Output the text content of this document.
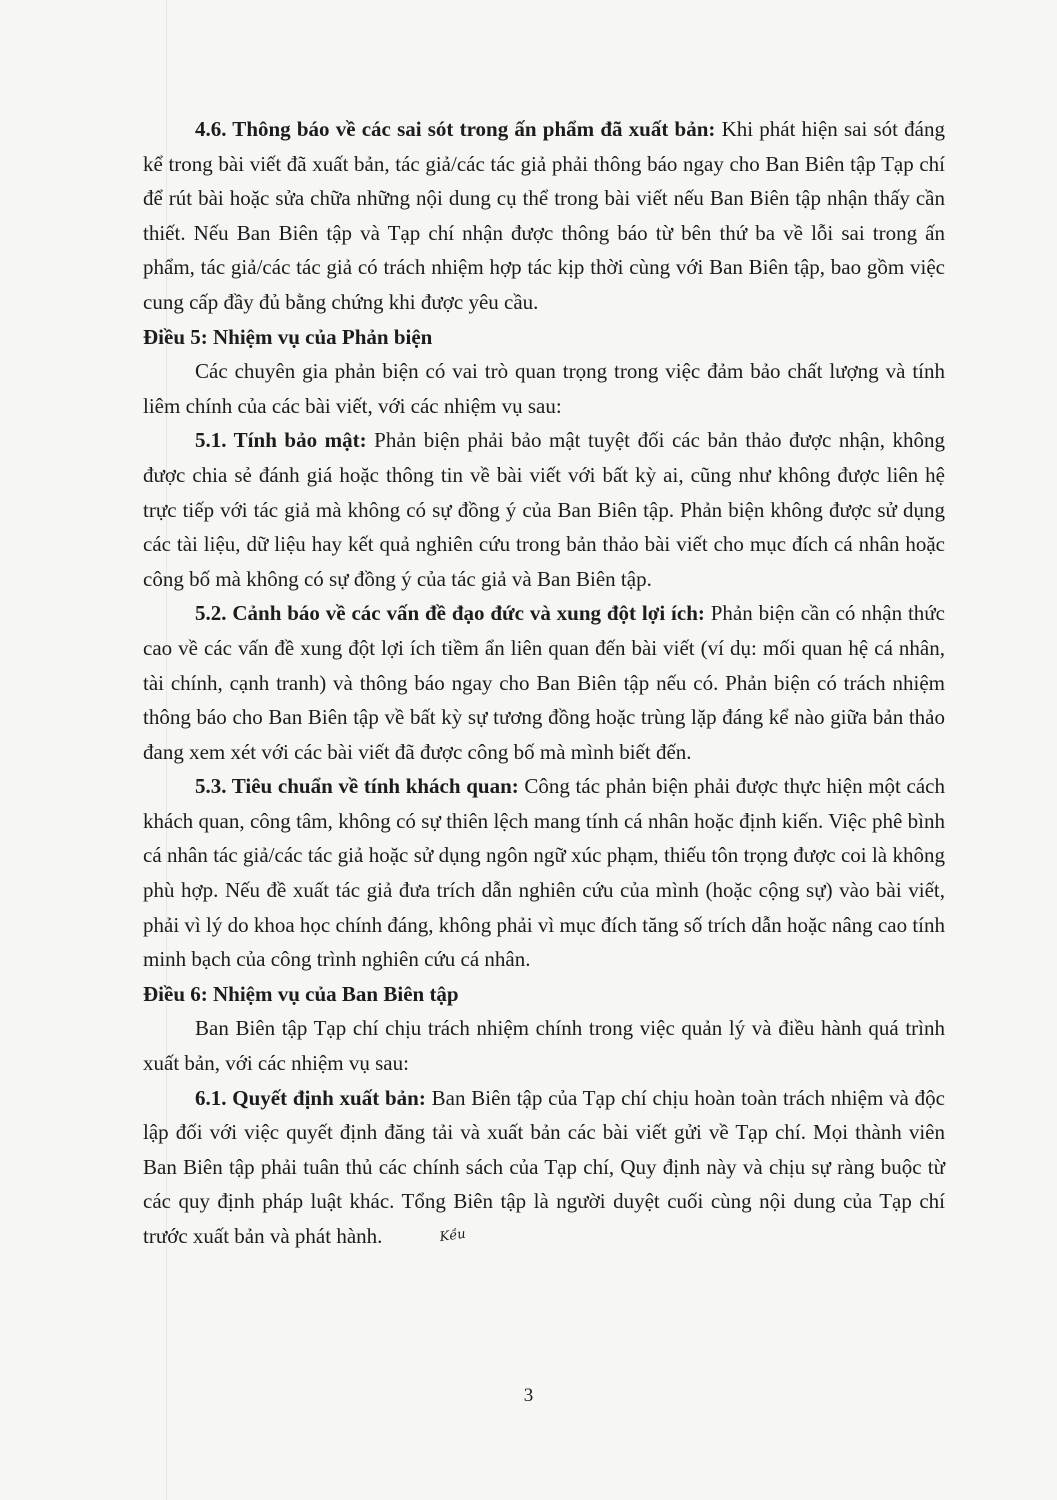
4.6. Thông báo về các sai sót trong ấn phẩm đã xuất bản: Khi phát hiện sai sót đáng kể trong bài viết đã xuất bản, tác giả/các tác giả phải thông báo ngay cho Ban Biên tập Tạp chí để rút bài hoặc sửa chữa những nội dung cụ thể trong bài viết nếu Ban Biên tập nhận thấy cần thiết. Nếu Ban Biên tập và Tạp chí nhận được thông báo từ bên thứ ba về lỗi sai trong ấn phẩm, tác giả/các tác giả có trách nhiệm hợp tác kịp thời cùng với Ban Biên tập, bao gồm việc cung cấp đầy đủ bằng chứng khi được yêu cầu.

Điều 5: Nhiệm vụ của Phản biện

Các chuyên gia phản biện có vai trò quan trọng trong việc đảm bảo chất lượng và tính liêm chính của các bài viết, với các nhiệm vụ sau:

5.1. Tính bảo mật: Phản biện phải bảo mật tuyệt đối các bản thảo được nhận, không được chia sẻ đánh giá hoặc thông tin về bài viết với bất kỳ ai, cũng như không được liên hệ trực tiếp với tác giả mà không có sự đồng ý của Ban Biên tập. Phản biện không được sử dụng các tài liệu, dữ liệu hay kết quả nghiên cứu trong bản thảo bài viết cho mục đích cá nhân hoặc công bố mà không có sự đồng ý của tác giả và Ban Biên tập.

5.2. Cảnh báo về các vấn đề đạo đức và xung đột lợi ích: Phản biện cần có nhận thức cao về các vấn đề xung đột lợi ích tiềm ẩn liên quan đến bài viết (ví dụ: mối quan hệ cá nhân, tài chính, cạnh tranh) và thông báo ngay cho Ban Biên tập nếu có. Phản biện có trách nhiệm thông báo cho Ban Biên tập về bất kỳ sự tương đồng hoặc trùng lặp đáng kể nào giữa bản thảo đang xem xét với các bài viết đã được công bố mà mình biết đến.

5.3. Tiêu chuẩn về tính khách quan: Công tác phản biện phải được thực hiện một cách khách quan, công tâm, không có sự thiên lệch mang tính cá nhân hoặc định kiến. Việc phê bình cá nhân tác giả/các tác giả hoặc sử dụng ngôn ngữ xúc phạm, thiếu tôn trọng được coi là không phù hợp. Nếu đề xuất tác giả đưa trích dẫn nghiên cứu của mình (hoặc cộng sự) vào bài viết, phải vì lý do khoa học chính đáng, không phải vì mục đích tăng số trích dẫn hoặc nâng cao tính minh bạch của công trình nghiên cứu cá nhân.

Điều 6: Nhiệm vụ của Ban Biên tập

Ban Biên tập Tạp chí chịu trách nhiệm chính trong việc quản lý và điều hành quá trình xuất bản, với các nhiệm vụ sau:

6.1. Quyết định xuất bản: Ban Biên tập của Tạp chí chịu hoàn toàn trách nhiệm và độc lập đối với việc quyết định đăng tải và xuất bản các bài viết gửi về Tạp chí. Mọi thành viên Ban Biên tập phải tuân thủ các chính sách của Tạp chí, Quy định này và chịu sự ràng buộc từ các quy định pháp luật khác. Tổng Biên tập là người duyệt cuối cùng nội dung của Tạp chí trước xuất bản và phát hành.	Kều

3
